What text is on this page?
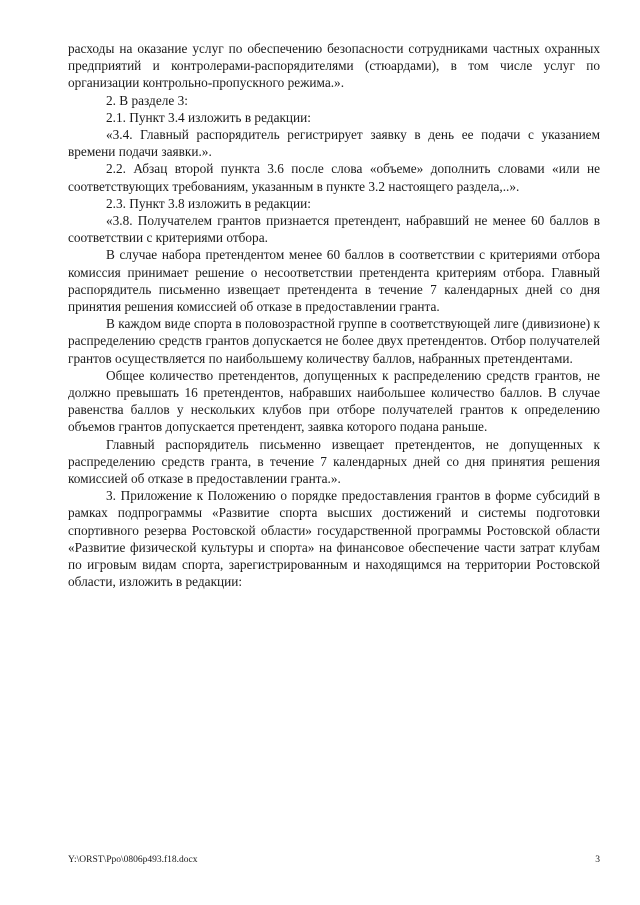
расходы на оказание услуг по обеспечению безопасности сотрудниками частных охранных предприятий и контролерами-распорядителями (стюардами), в том числе услуг по организации контрольно-пропускного режима.».

2. В разделе 3:

2.1. Пункт 3.4 изложить в редакции:

«3.4. Главный распорядитель регистрирует заявку в день ее подачи с указанием времени подачи заявки.».

2.2. Абзац второй пункта 3.6 после слова «объеме» дополнить словами «или не соответствующих требованиям, указанным в пункте 3.2 настоящего раздела,..».

2.3. Пункт 3.8 изложить в редакции:

«3.8. Получателем грантов признается претендент, набравший не менее 60 баллов в соответствии с критериями отбора.

В случае набора претендентом менее 60 баллов в соответствии с критериями отбора комиссия принимает решение о несоответствии претендента критериям отбора. Главный распорядитель письменно извещает претендента в течение 7 календарных дней со дня принятия решения комиссией об отказе в предоставлении гранта.

В каждом виде спорта в половозрастной группе в соответствующей лиге (дивизионе) к распределению средств грантов допускается не более двух претендентов. Отбор получателей грантов осуществляется по наибольшему количеству баллов, набранных претендентами.

Общее количество претендентов, допущенных к распределению средств грантов, не должно превышать 16 претендентов, набравших наибольшее количество баллов. В случае равенства баллов у нескольких клубов при отборе получателей грантов к определению объемов грантов допускается претендент, заявка которого подана раньше.

Главный распорядитель письменно извещает претендентов, не допущенных к распределению средств гранта, в течение 7 календарных дней со дня принятия решения комиссией об отказе в предоставлении гранта.».

3. Приложение к Положению о порядке предоставления грантов в форме субсидий в рамках подпрограммы «Развитие спорта высших достижений и системы подготовки спортивного резерва Ростовской области» государственной программы Ростовской области «Развитие физической культуры и спорта» на финансовое обеспечение части затрат клубам по игровым видам спорта, зарегистрированным и находящимся на территории Ростовской области, изложить в редакции:

Y:\ORST\Ppo\0806p493.f18.docx	3
